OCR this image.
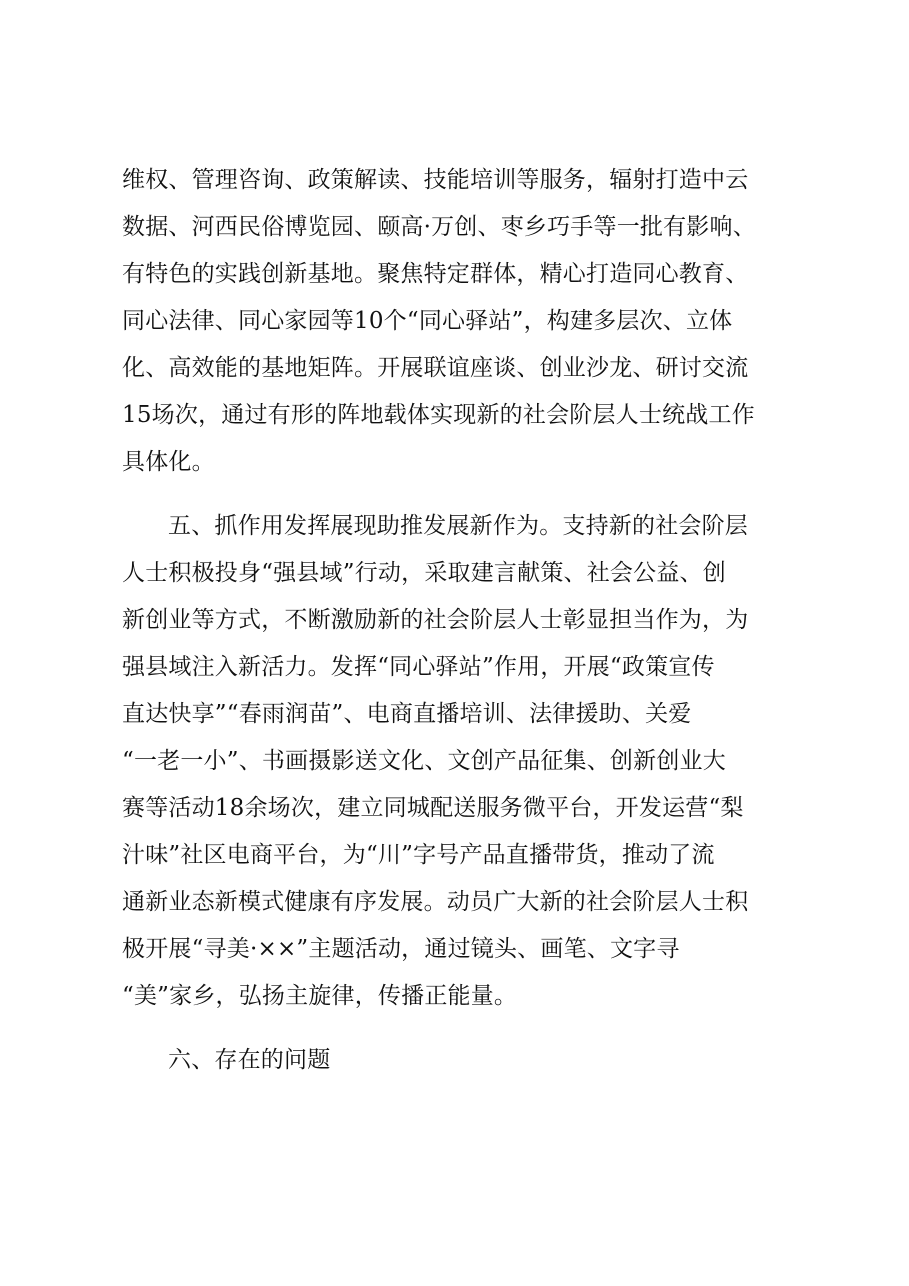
维权、管理咨询、政策解读、技能培训等服务，辐射打造中云
数据、河西民俗博览园、颐高·万创、枣乡巧手等一批有影响、
有特色的实践创新基地。聚焦特定群体，精心打造同心教育、
同心法律、同心家园等10个“同心驿站”，构建多层次、立体
化、高效能的基地矩阵。开展联谊座谈、创业沙龙、研讨交流
15场次，通过有形的阵地载体实现新的社会阶层人士统战工作
具体化。
五、抓作用发挥展现助推发展新作为。支持新的社会阶层
人士积极投身“强县域”行动，采取建言献策、社会公益、创
新创业等方式，不断激励新的社会阶层人士彰显担当作为，为
强县域注入新活力。发挥“同心驿站”作用，开展“政策宣传
直达快享”“春雨润苗”、电商直播培训、法律援助、关爱
“一老一小”、书画摄影送文化、文创产品征集、创新创业大
赛等活动18余场次，建立同城配送服务微平台，开发运营“梨
汁味”社区电商平台，为“川”字号产品直播带货，推动了流
通新业态新模式健康有序发展。动员广大新的社会阶层人士积
极开展“寻美·××”主题活动，通过镜头、画笔、文字寻
“美”家乡，弘扬主旋律，传播正能量。
六、存在的问题
